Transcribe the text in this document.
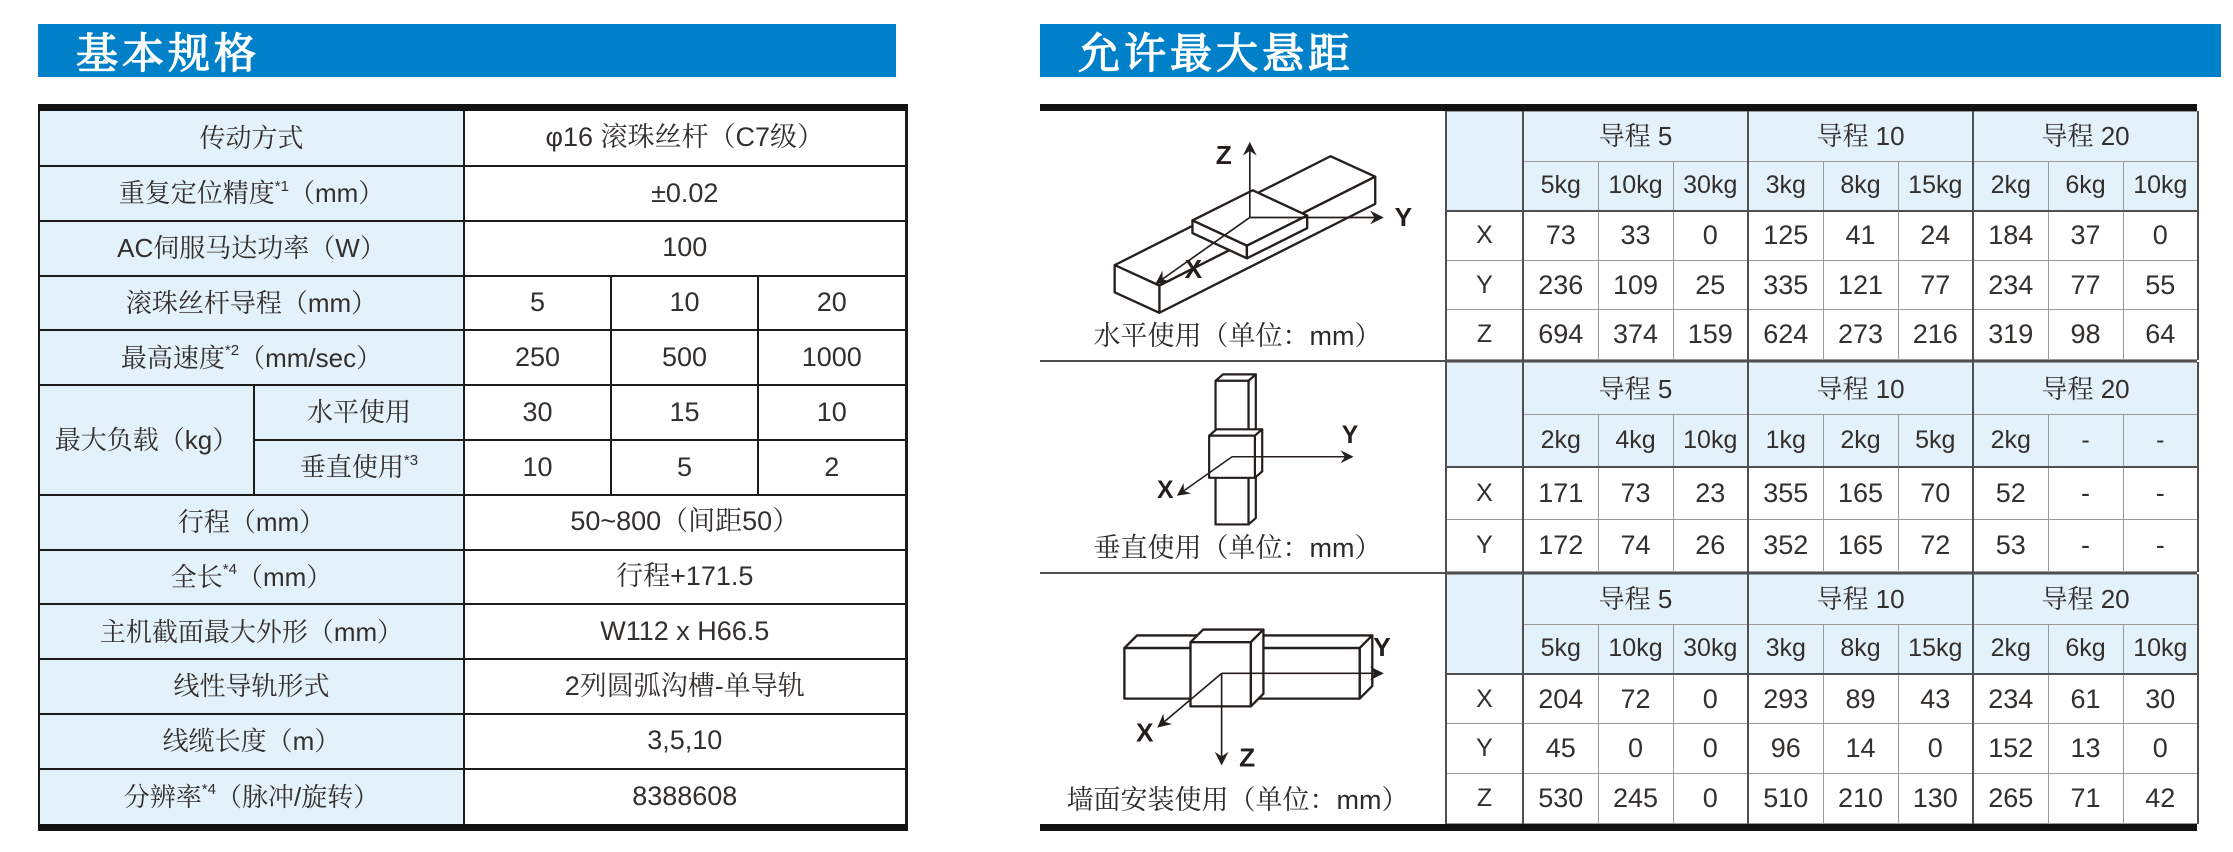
基本规格	允许最大悬距
传动方式		φ16 滚珠丝杆（C7级）		
重复定位精度$^{*1}$（mm）		±0.02		
AC伺服马达功率（W）		100		
滚珠丝杆导程（mm）		5	10	20
最高速度$^{*2}$（mm/sec）		250	500	1000
最大负载（kg）	水平使用	30	15	10
	垂直使用$^{*3}$	10	5	2
行程（mm）		50~800（间距50）		
全长$^{*4}$（mm）		行程+171.5		
主机截面最大外形（mm）		W112 x H66.5		
线性导轨形式		2列圆弧沟槽-单导轨		
线缆长度（m）		3,5,10		
分辨率$^{*4}$（脉冲/旋转）		8388608		
Z
Y
X
水平使用（单位：mm）
	导程 5			导程 10			导程 20		
	5kg	10kg	30kg	3kg	8kg	15kg	2kg	6kg	10kg
X	73	33	0	125	41	24	184	37	0
Y	236	109	25	335	121	77	234	77	55
Z	694	374	159	624	273	216	319	98	64
Y
X
垂直使用（单位：mm）
	导程 5			导程 10			导程 20		
	2kg	4kg	10kg	1kg	2kg	5kg	2kg	-	-
X	171	73	23	355	165	70	52	-	-
Y	172	74	26	352	165	72	53	-	-
Y
X
Z
墙面安装使用（单位：mm）
	导程 5			导程 10			导程 20		
	5kg	10kg	30kg	3kg	8kg	15kg	2kg	6kg	10kg
X	204	72	0	293	89	43	234	61	30
Y	45	0	0	96	14	0	152	13	0
Z	530	245	0	510	210	130	265	71	42
